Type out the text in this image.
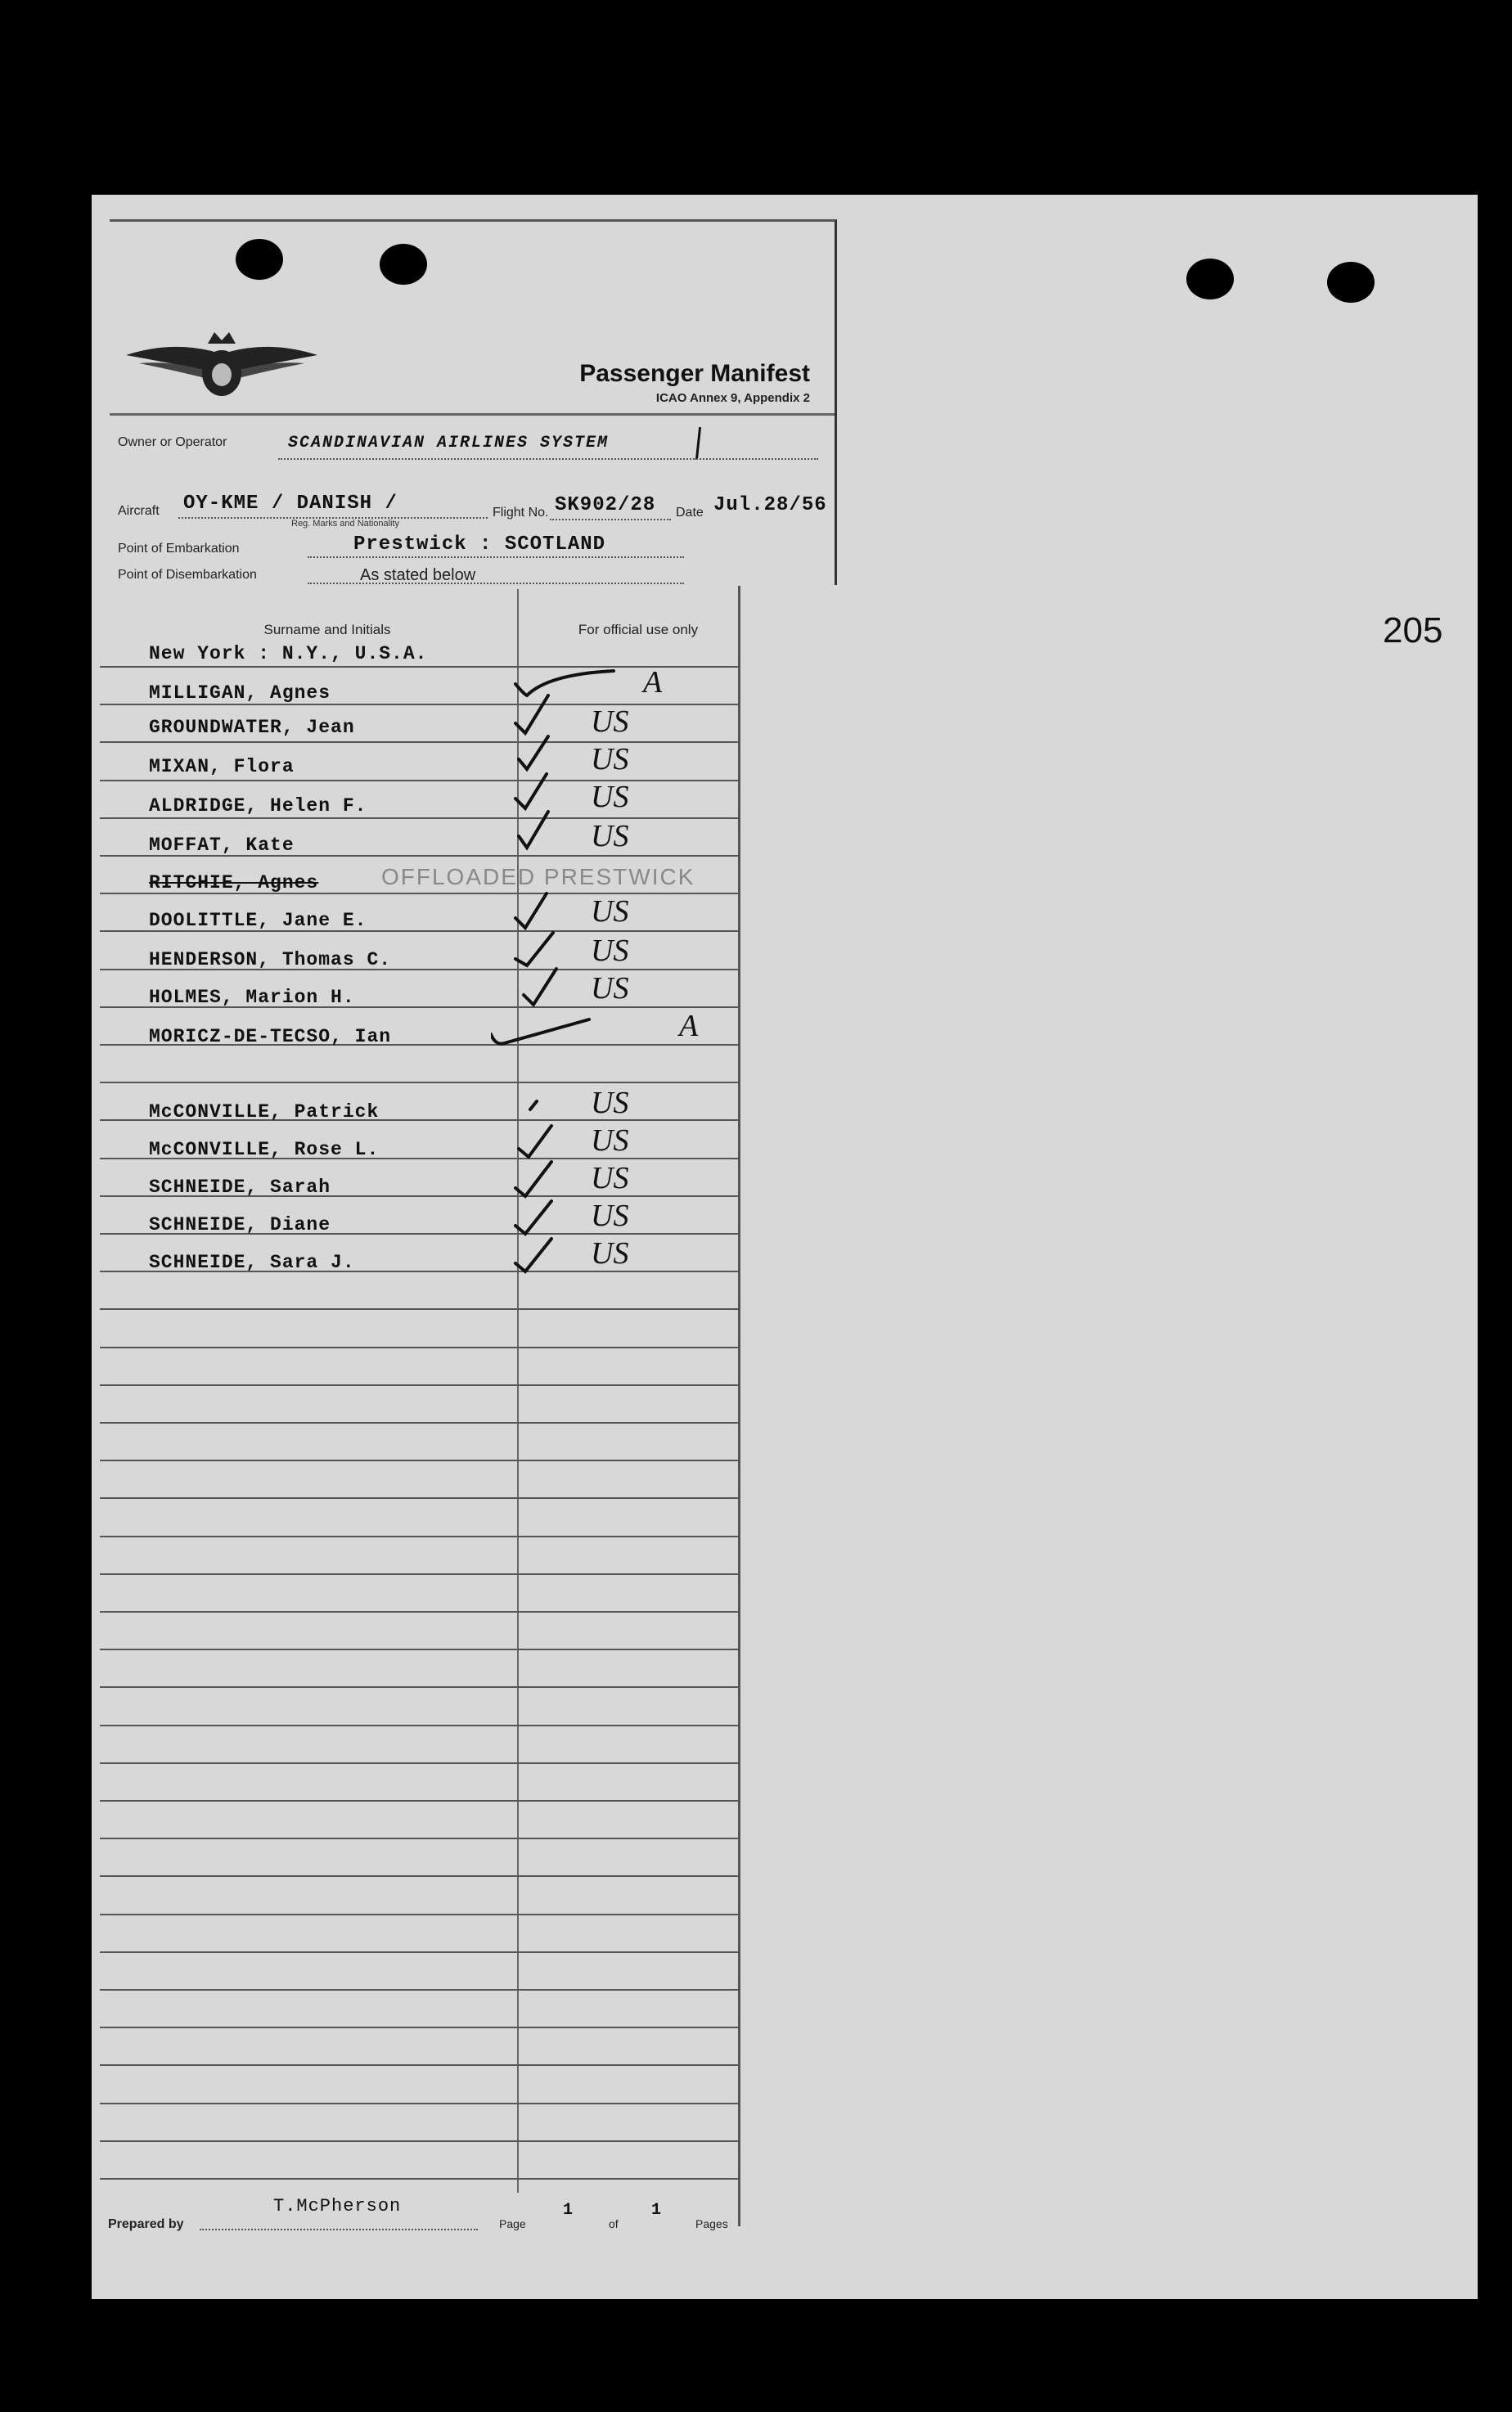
205
Passenger Manifest
ICAO Annex 9, Appendix 2
Owner or Operator	SCANDINAVIAN AIRLINES SYSTEM
Aircraft OY-KME / DANISH /
Reg. Marks and Nationality
Flight No. SK902/28 Date Jul.28/56
Point of Embarkation	Prestwick : SCOTLAND
Point of Disembarkation	As stated below
Surname and Initials	For official use only
New York : N.Y., U.S.A.
MILLIGAN, Agnes	A
GROUNDWATER, Jean	US
MIXAN, Flora	US
ALDRIDGE, Helen F.	US
MOFFAT, Kate	US
RITCHIE, Agnes	OFFLOADED PRESTWICK
DOOLITTLE, Jane E.	US
HENDERSON, Thomas C.	US
HOLMES, Marion H.	US
MORICZ-DE-TECSO, Ian	A
McCONVILLE, Patrick	US
McCONVILLE, Rose L.	US
SCHNEIDE, Sarah	US
SCHNEIDE, Diane	US
SCHNEIDE, Sara J.	US
Prepared by
T.McPherson
Page
1
of
1
Pages
